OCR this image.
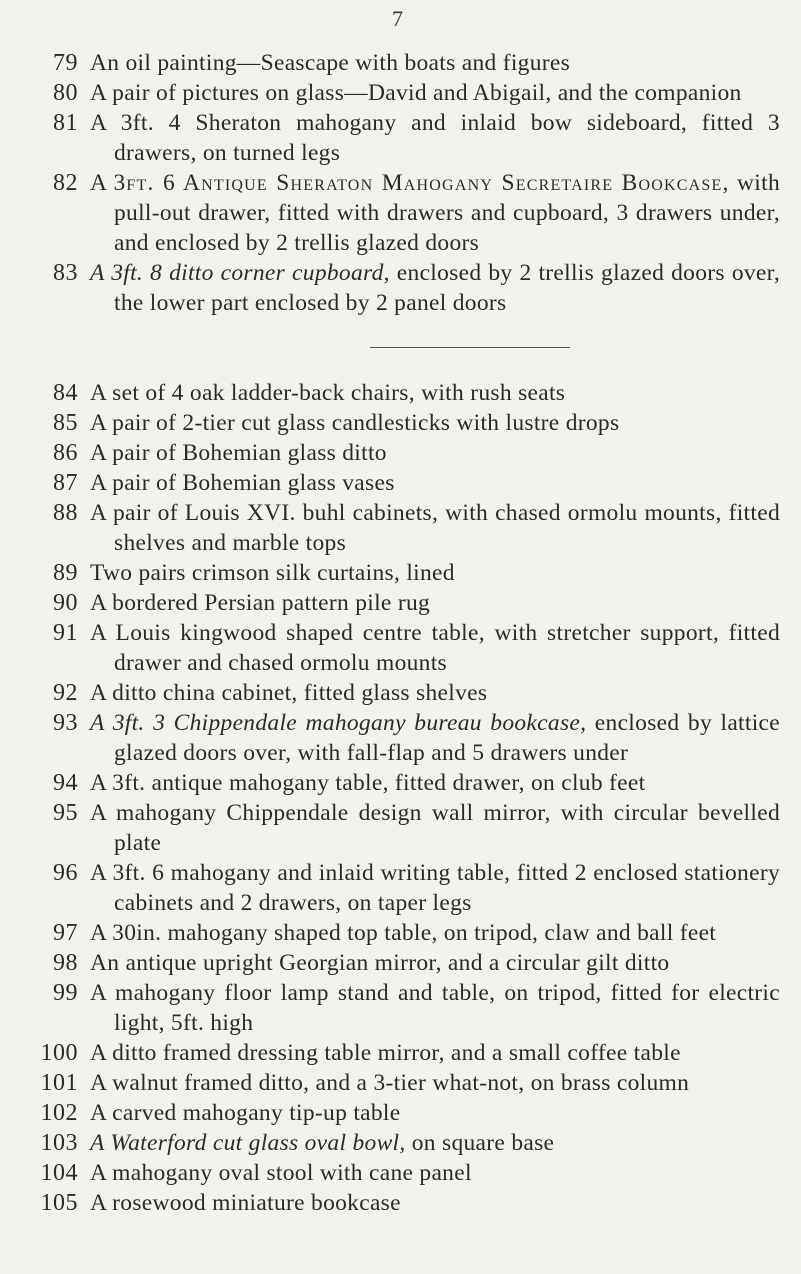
7
79 An oil painting—Seascape with boats and figures
80 A pair of pictures on glass—David and Abigail, and the companion
81 A 3ft. 4 Sheraton mahogany and inlaid bow sideboard, fitted 3 drawers, on turned legs
82 A 3ft. 6 Antique Sheraton Mahogany Secretaire Bookcase, with pull-out drawer, fitted with drawers and cupboard, 3 drawers under, and enclosed by 2 trellis glazed doors
83 A 3ft. 8 ditto corner cupboard, enclosed by 2 trellis glazed doors over, the lower part enclosed by 2 panel doors
84 A set of 4 oak ladder-back chairs, with rush seats
85 A pair of 2-tier cut glass candlesticks with lustre drops
86 A pair of Bohemian glass ditto
87 A pair of Bohemian glass vases
88 A pair of Louis XVI. buhl cabinets, with chased ormolu mounts, fitted shelves and marble tops
89 Two pairs crimson silk curtains, lined
90 A bordered Persian pattern pile rug
91 A Louis kingwood shaped centre table, with stretcher support, fitted drawer and chased ormolu mounts
92 A ditto china cabinet, fitted glass shelves
93 A 3ft. 3 Chippendale mahogany bureau bookcase, enclosed by lattice glazed doors over, with fall-flap and 5 drawers under
94 A 3ft. antique mahogany table, fitted drawer, on club feet
95 A mahogany Chippendale design wall mirror, with circular bevelled plate
96 A 3ft. 6 mahogany and inlaid writing table, fitted 2 enclosed stationery cabinets and 2 drawers, on taper legs
97 A 30in. mahogany shaped top table, on tripod, claw and ball feet
98 An antique upright Georgian mirror, and a circular gilt ditto
99 A mahogany floor lamp stand and table, on tripod, fitted for electric light, 5ft. high
100 A ditto framed dressing table mirror, and a small coffee table
101 A walnut framed ditto, and a 3-tier what-not, on brass column
102 A carved mahogany tip-up table
103 A Waterford cut glass oval bowl, on square base
104 A mahogany oval stool with cane panel
105 A rosewood miniature bookcase
